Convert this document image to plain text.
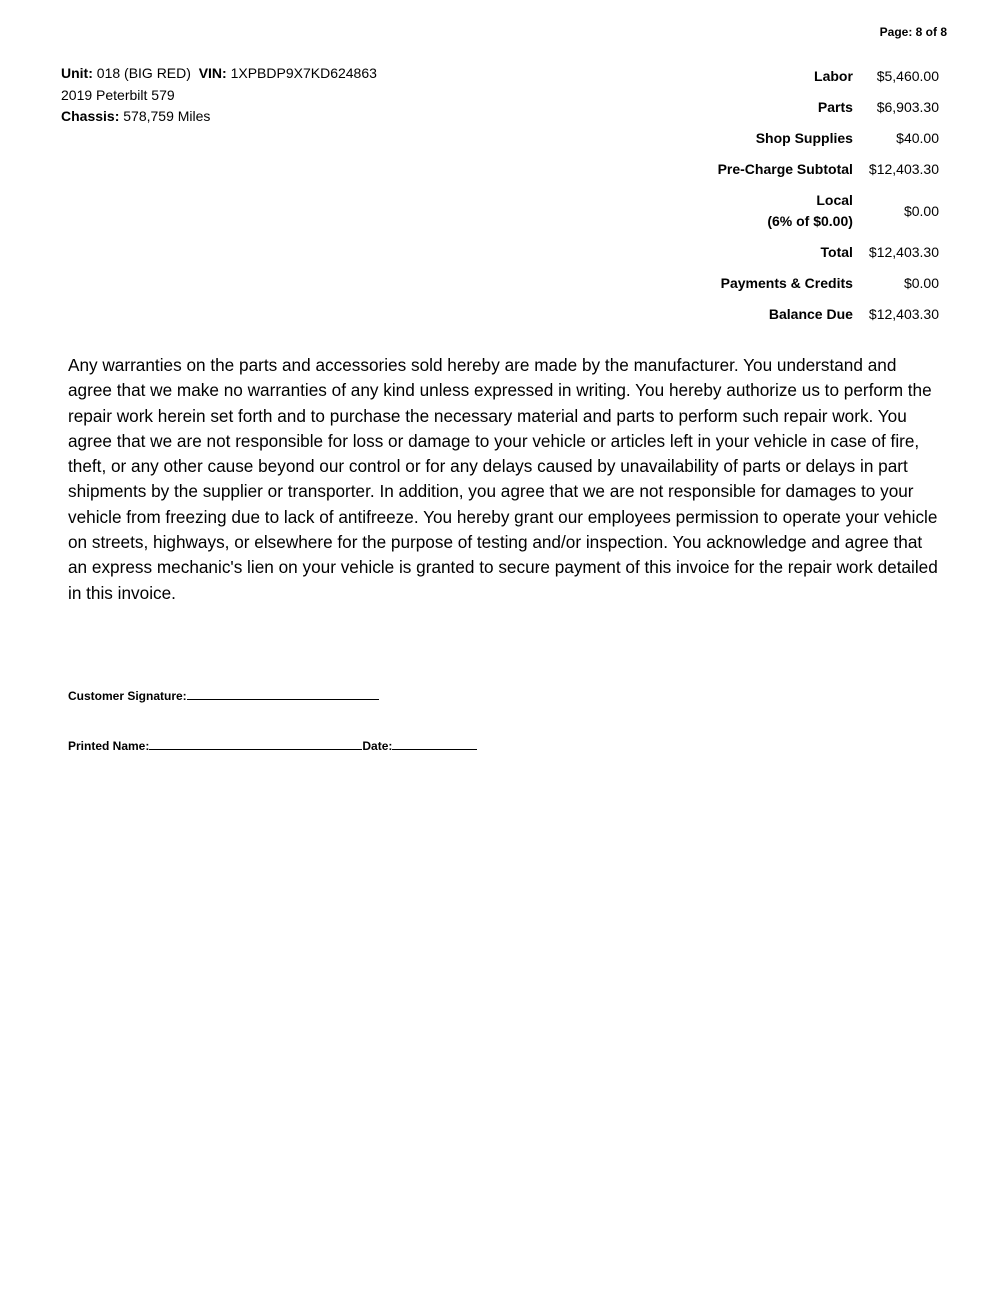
Page: 8 of 8
Unit: 018 (BIG RED) VIN: 1XPBDP9X7KD624863
2019 Peterbilt 579
Chassis: 578,759 Miles
Labor	$5,460.00
Parts	$6,903.30
Shop Supplies	$40.00
Pre-Charge Subtotal	$12,403.30

Local
(6% of $0.00)	$0.00
Total	$12,403.30
Payments & Credits	$0.00
Balance Due	$12,403.30

Any warranties on the parts and accessories sold hereby are made by the manufacturer. You understand and agree that we make no warranties of any kind unless expressed in writing. You hereby authorize us to perform the repair work herein set forth and to purchase the necessary material and parts to perform such repair work. You agree that we are not responsible for loss or damage to your vehicle or articles left in your vehicle in case of fire, theft, or any other cause beyond our control or for any delays caused by unavailability of parts or delays in part shipments by the supplier or transporter. In addition, you agree that we are not responsible for damages to your vehicle from freezing due to lack of antifreeze. You hereby grant our employees permission to operate your vehicle on streets, highways, or elsewhere for the purpose of testing and/or inspection. You acknowledge and agree that an express mechanic's lien on your vehicle is granted to secure payment of this invoice for the repair work detailed in this invoice.

Customer Signature:
Printed Name:	Date:
